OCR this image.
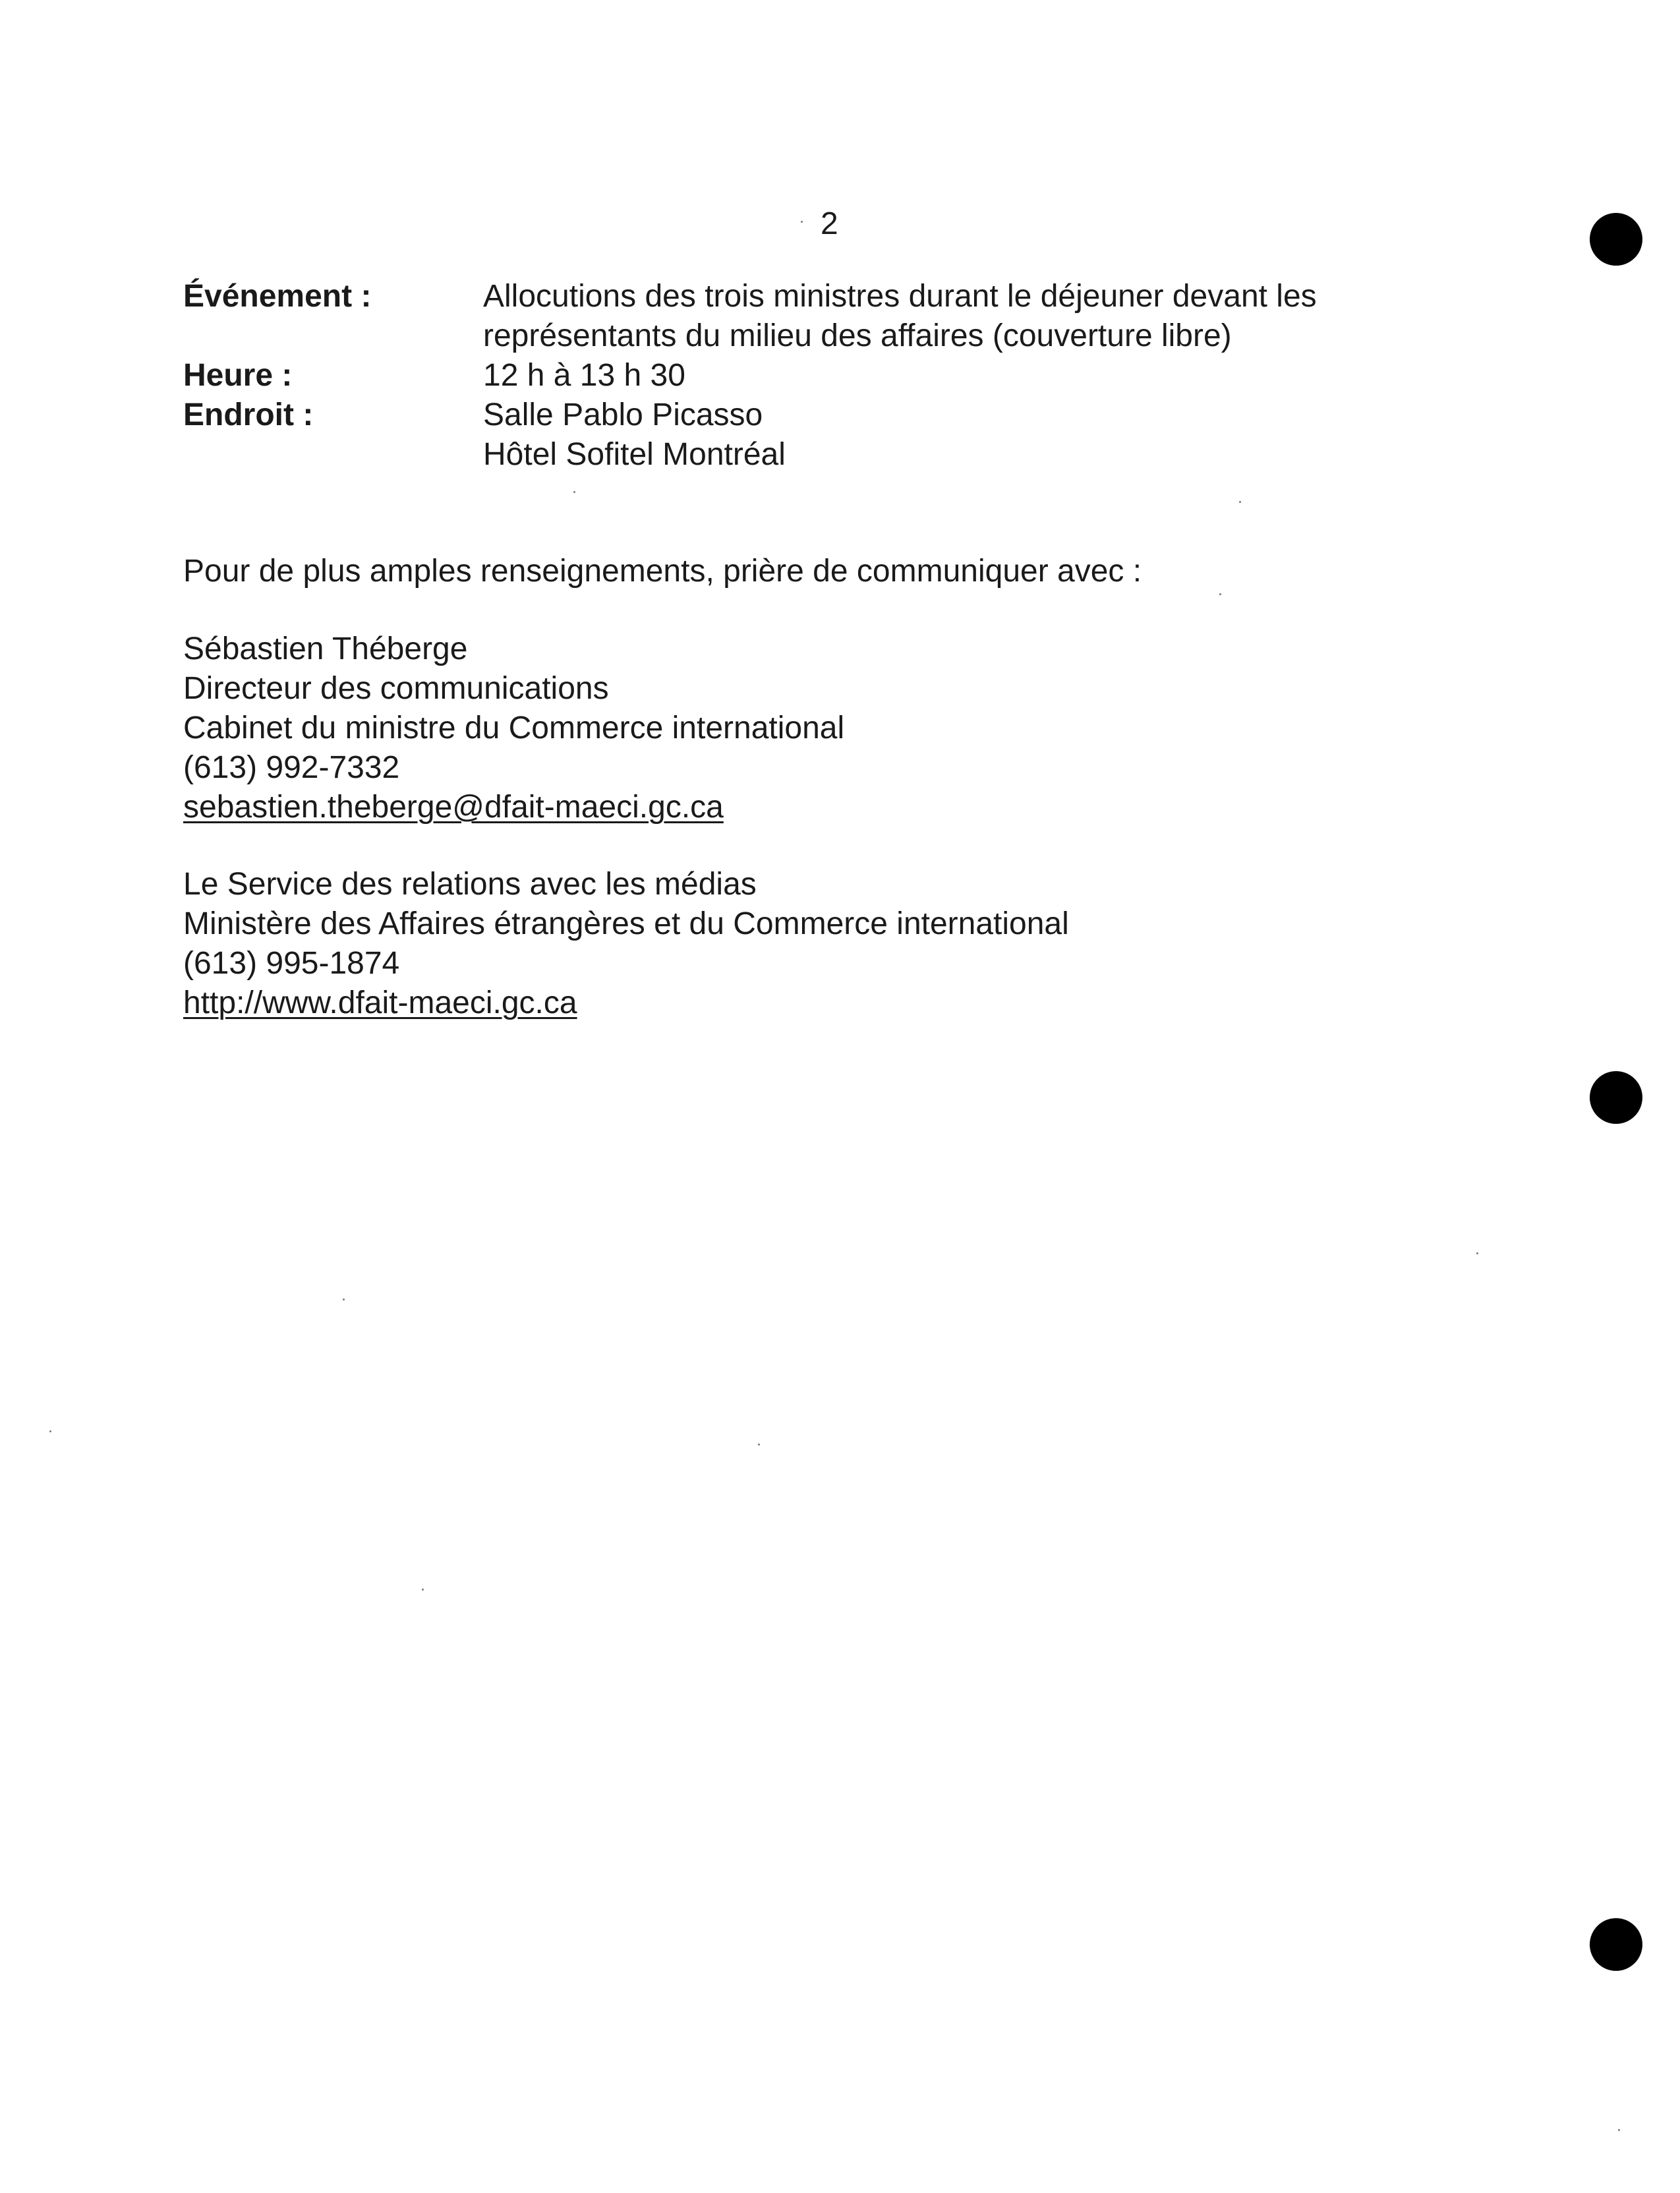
2
Événement :	Allocutions des trois ministres durant le déjeuner devant les
représentants du milieu des affaires (couverture libre)
Heure :	12 h à 13 h 30
Endroit :	Salle Pablo Picasso
Hôtel Sofitel Montréal
Pour de plus amples renseignements, prière de communiquer avec :
Sébastien Théberge
Directeur des communications
Cabinet du ministre du Commerce international
(613) 992-7332
sebastien.theberge@dfait-maeci.gc.ca
Le Service des relations avec les médias
Ministère des Affaires étrangères et du Commerce international
(613) 995-1874
http://www.dfait-maeci.gc.ca
